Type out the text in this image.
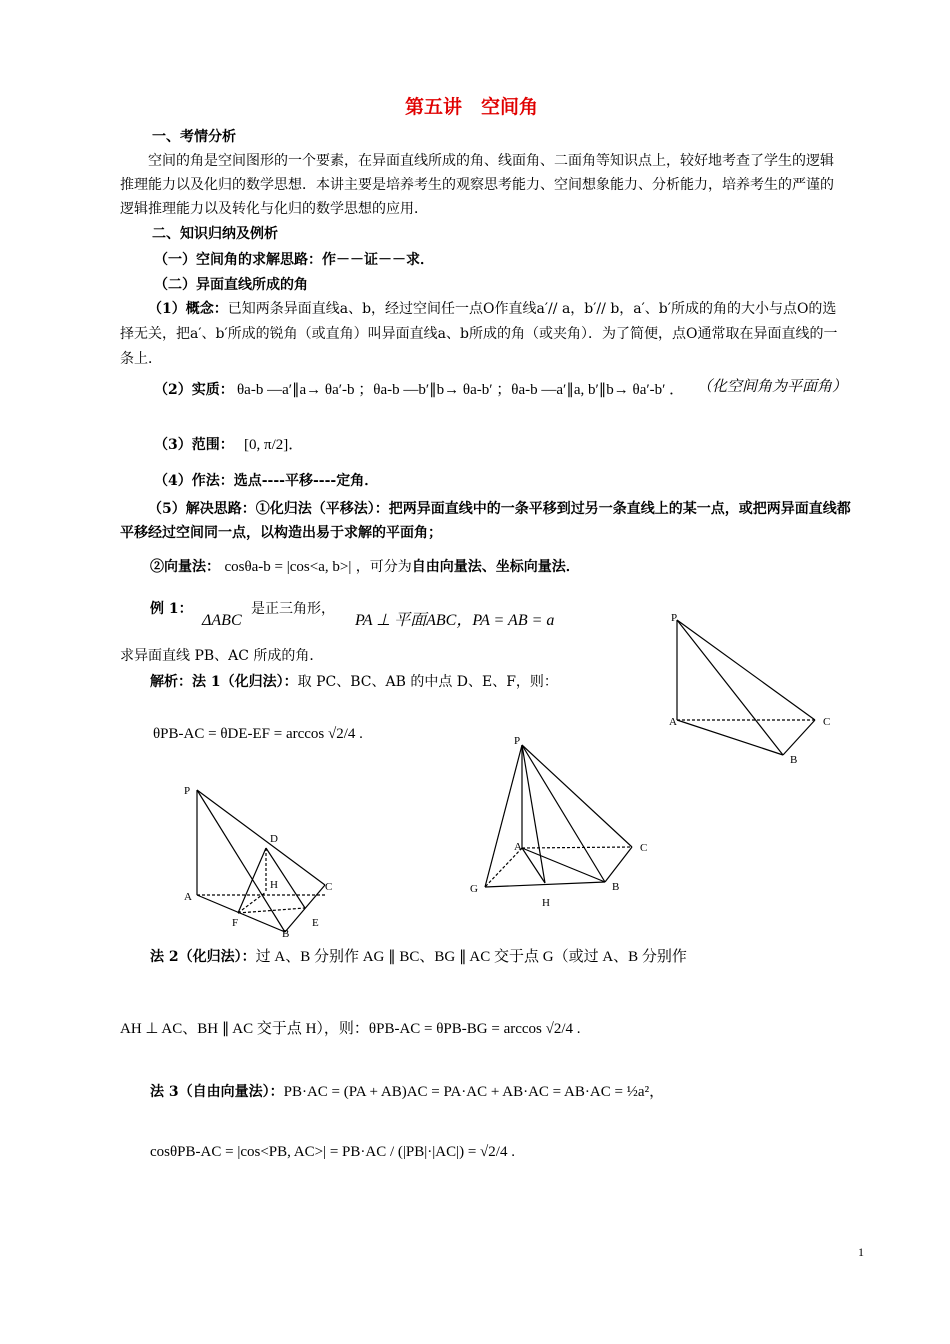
第五讲　空间角
一、考情分析
空间的角是空间图形的一个要素，在异面直线所成的角、线面角、二面角等知识点上，较好地考查了学生的逻辑推理能力以及化归的数学思想．本讲主要是培养考生的观察思考能力、空间想象能力、分析能力，培养考生的严谨的逻辑推理能力以及转化与化归的数学思想的应用．
二、知识归纳及例析
（一）空间角的求解思路：作－－证－－求．
（二）异面直线所成的角
（1）概念：已知两条异面直线a、b，经过空间任一点O作直线a′// a，b′// b，a′、b′所成的角的大小与点O的选择无关，把a′、b′所成的锐角（或直角）叫异面直线a、b所成的角（或夹角）．为了简便，点O通常取在异面直线的一条上．
（2）实质： θa-b —a′∥a→ θa′-b ；θa-b —b′∥b→ θa-b′ ；θa-b —a′∥a, b′∥b→ θa′-b′ ． （化空间角为平面角）
（3）范围： [0, π/2]．
（4）作法：选点----平移----定角．
（5）解决思路：①化归法（平移法）：把两异面直线中的一条平移到过另一条直线上的某一点，或把两异面直线都平移经过空间同一点，以构造出易于求解的平面角；
②向量法： cosθa-b = |cos<a, b>| ，可分为自由向量法、坐标向量法．
例 1：
ΔABC
是正三角形，
PA ⊥ 平面ABC，PA = AB = a
求异面直线 PB、AC 所成的角．
解析：法 1（化归法）：取 PC、BC、AB 的中点 D、E、F，则：
θPB-AC = θDE-EF = arccos √2/4 .
P
A	C
B
P
D
H
A
C
F	E
B
P
A	C
G
H
B
法 2（化归法）：过 A、B 分别作 AG ∥ BC、BG ∥ AC 交于点 G（或过 A、B 分别作
AH ⊥ AC、BH ∥ AC 交于点 H），则：θPB-AC = θPB-BG = arccos √2/4 .
法 3（自由向量法）：PB·AC = (PA + AB)AC = PA·AC + AB·AC = AB·AC = ½a²，
cosθPB-AC = |cos<PB, AC>| = PB·AC / (|PB|·|AC|) = √2/4 .
1
